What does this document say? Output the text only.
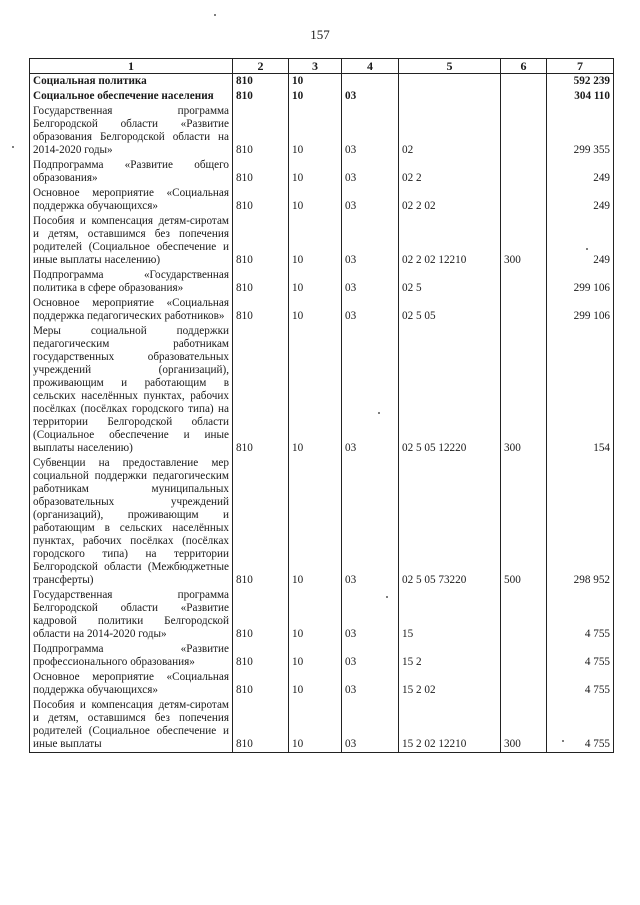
157
1	2	3	4	5	6	7
Социальная политика	810	10				592 239
Социальное обеспечение населения	810	10	03			304 110
Государственная программа Белгородской области «Развитие образования Белгородской области на 2014-2020 годы»	810	10	03	02		299 355
Подпрограмма «Развитие общего образования»	810	10	03	02 2		249
Основное мероприятие «Социальная поддержка обучающихся»	810	10	03	02 2 02		249
Пособия и компенсация детям-сиротам и детям, оставшимся без попечения родителей (Социальное обеспечение и иные выплаты населению)	810	10	03	02 2 02 12210	300	249
Подпрограмма «Государственная политика в сфере образования»	810	10	03	02 5		299 106
Основное мероприятие «Социальная поддержка педагогических работников»	810	10	03	02 5 05		299 106
Меры социальной поддержки педагогическим работникам государственных образовательных учреждений (организаций), проживающим и работающим в сельских населённых пунктах, рабочих посёлках (посёлках городского типа) на территории Белгородской области (Социальное обеспечение и иные выплаты населению)	810	10	03	02 5 05 12220	300	154
Субвенции на предоставление мер социальной поддержки педагогическим работникам муниципальных образовательных учреждений (организаций), проживающим и работающим в сельских населённых пунктах, рабочих посёлках (посёлках городского типа) на территории Белгородской области (Межбюджетные трансферты)	810	10	03	02 5 05 73220	500	298 952
Государственная программа Белгородской области «Развитие кадровой политики Белгородской области на 2014-2020 годы»	810	10	03	15		4 755
Подпрограмма «Развитие профессионального образования»	810	10	03	15 2		4 755
Основное мероприятие «Социальная поддержка обучающихся»	810	10	03	15 2 02		4 755
Пособия и компенсация детям-сиротам и детям, оставшимся без попечения родителей (Социальное обеспечение и иные выплаты	810	10	03	15 2 02 12210	300	4 755
